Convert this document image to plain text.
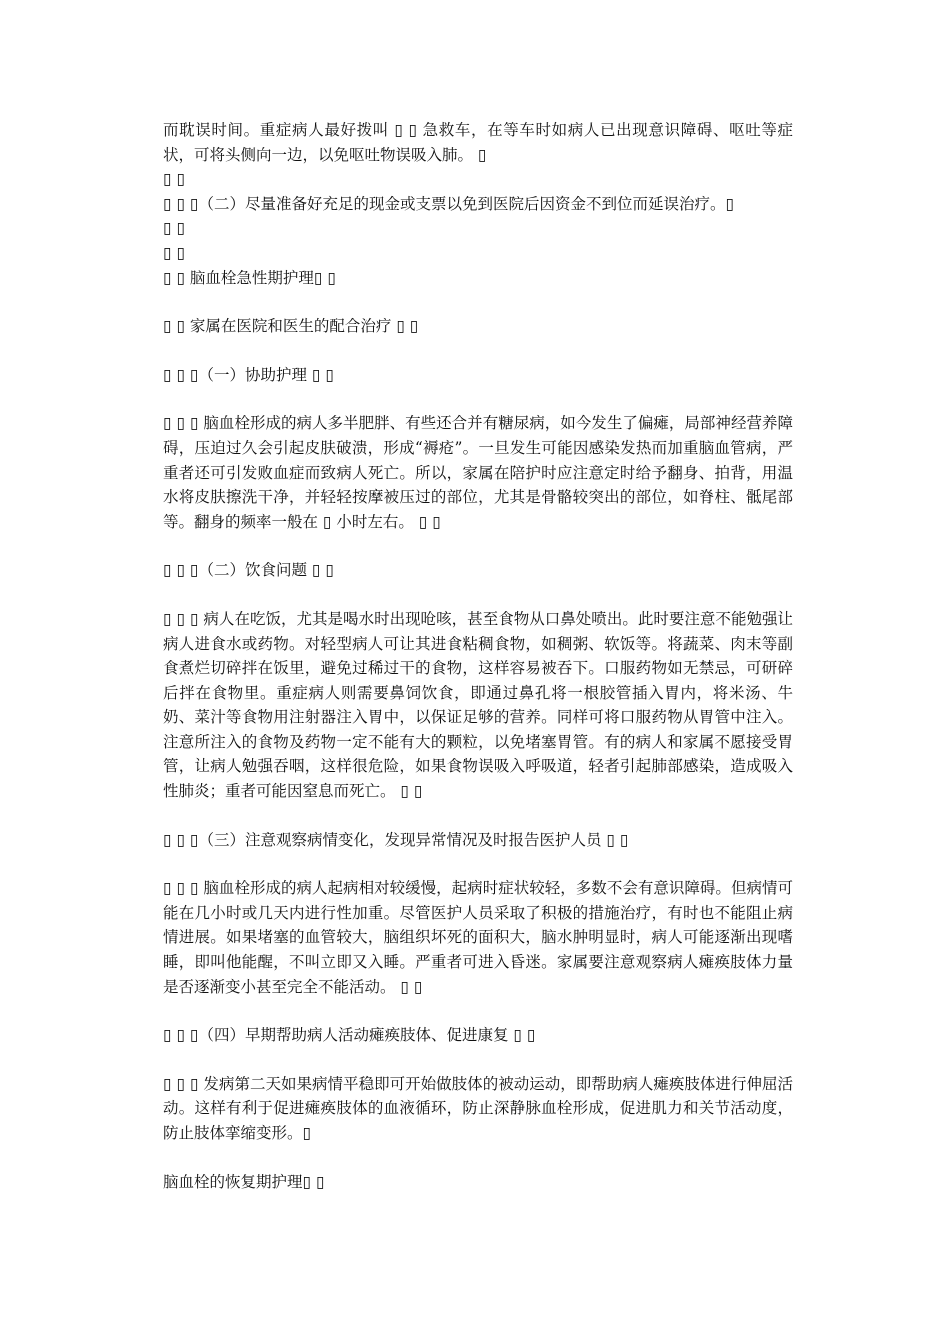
而耽误时间。重症病人最好拨叫 ▯ ▯ 急救车，在等车时如病人已出现意识障碍、呕吐等症状，可将头侧向一边，以免呕吐物误吸入肺。 ▯

▯ ▯

▯ ▯ ▯（二）尽量准备好充足的现金或支票以免到医院后因资金不到位而延误治疗。▯

▯ ▯

▯ ▯

▯ ▯ 脑血栓急性期护理▯ ▯

▯ ▯ 家属在医院和医生的配合治疗 ▯ ▯

▯ ▯ ▯（一）协助护理 ▯ ▯

▯ ▯ ▯ 脑血栓形成的病人多半肥胖、有些还合并有糖尿病，如今发生了偏瘫，局部神经营养障碍，压迫过久会引起皮肤破溃，形成“褥疮”。一旦发生可能因感染发热而加重脑血管病，严重者还可引发败血症而致病人死亡。所以，家属在陪护时应注意定时给予翻身、拍背，用温水将皮肤擦洗干净，并轻轻按摩被压过的部位，尤其是骨骼较突出的部位，如脊柱、骶尾部等。翻身的频率一般在 ▯ 小时左右。 ▯ ▯

▯ ▯ ▯（二）饮食问题 ▯ ▯

▯ ▯ ▯ 病人在吃饭，尤其是喝水时出现呛咳，甚至食物从口鼻处喷出。此时要注意不能勉强让病人进食水或药物。对轻型病人可让其进食粘稠食物，如稠粥、软饭等。将蔬菜、肉末等副食煮烂切碎拌在饭里，避免过稀过干的食物，这样容易被吞下。口服药物如无禁忌，可研碎后拌在食物里。重症病人则需要鼻饲饮食，即通过鼻孔将一根胶管插入胃内，将米汤、牛奶、菜汁等食物用注射器注入胃中，以保证足够的营养。同样可将口服药物从胃管中注入。注意所注入的食物及药物一定不能有大的颗粒，以免堵塞胃管。有的病人和家属不愿接受胃管，让病人勉强吞咽，这样很危险，如果食物误吸入呼吸道，轻者引起肺部感染，造成吸入性肺炎；重者可能因窒息而死亡。 ▯ ▯

▯ ▯ ▯（三）注意观察病情变化，发现异常情况及时报告医护人员 ▯ ▯

▯ ▯ ▯ 脑血栓形成的病人起病相对较缓慢，起病时症状较轻，多数不会有意识障碍。但病情可能在几小时或几天内进行性加重。尽管医护人员采取了积极的措施治疗，有时也不能阻止病情进展。如果堵塞的血管较大，脑组织坏死的面积大，脑水肿明显时，病人可能逐渐出现嗜睡，即叫他能醒，不叫立即又入睡。严重者可进入昏迷。家属要注意观察病人瘫痪肢体力量是否逐渐变小甚至完全不能活动。 ▯ ▯

▯ ▯ ▯（四）早期帮助病人活动瘫痪肢体、促进康复 ▯ ▯

▯ ▯ ▯ 发病第二天如果病情平稳即可开始做肢体的被动运动，即帮助病人瘫痪肢体进行伸屈活动。这样有利于促进瘫痪肢体的血液循环，防止深静脉血栓形成，促进肌力和关节活动度，防止肢体挛缩变形。▯

脑血栓的恢复期护理▯ ▯
